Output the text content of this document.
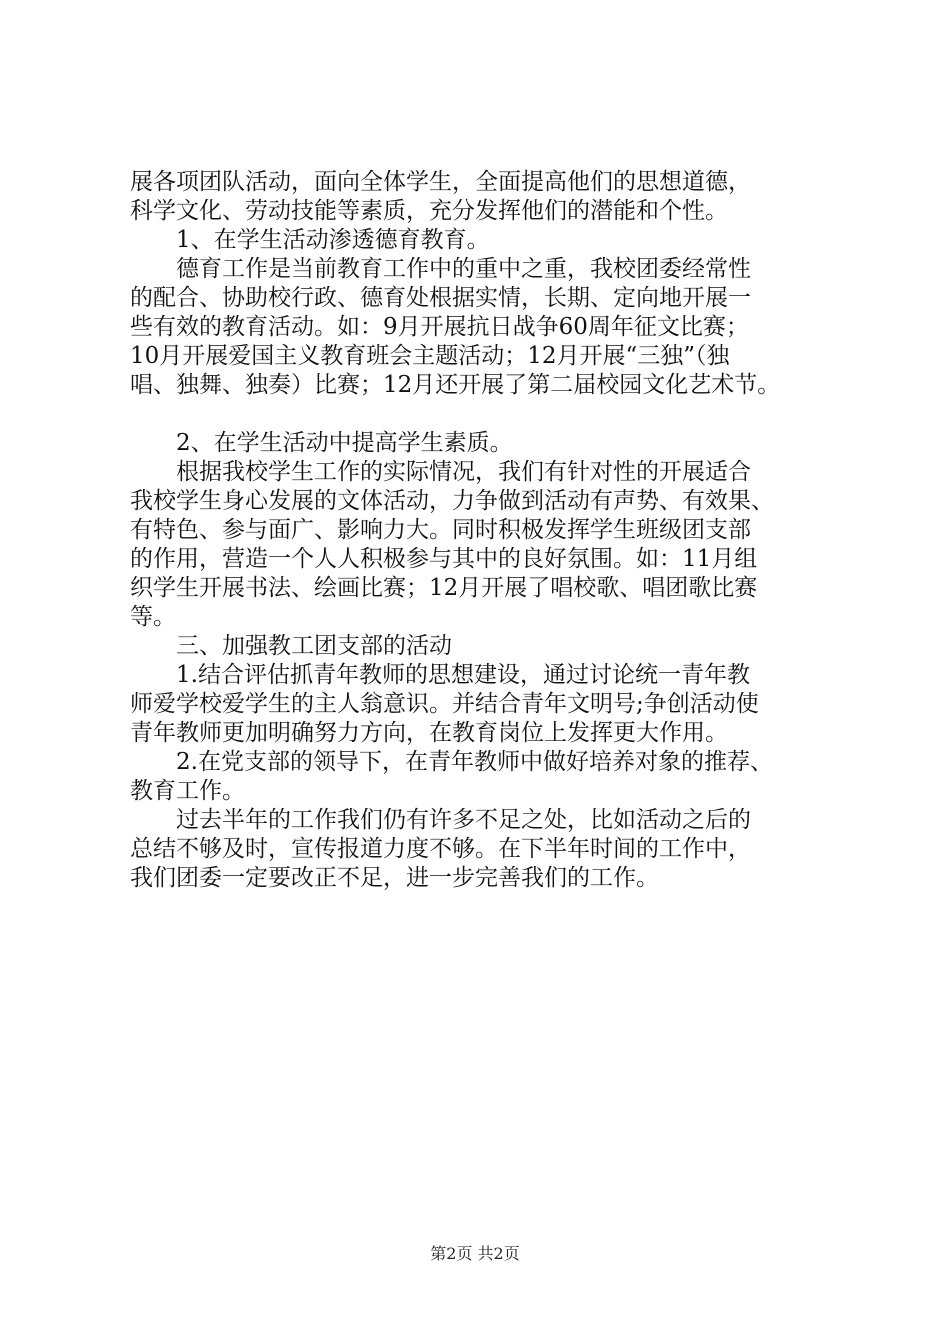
展各项团队活动，面向全体学生，全面提高他们的思想道德，
科学文化、劳动技能等素质，充分发挥他们的潜能和个性。
　　1、在学生活动渗透德育教育。
　　德育工作是当前教育工作中的重中之重，我校团委经常性
的配合、协助校行政、德育处根据实情，长期、定向地开展一
些有效的教育活动。如：9月开展抗日战争60周年征文比赛；
10月开展爱国主义教育班会主题活动；12月开展“三独”（独
唱、独舞、独奏）比赛；12月还开展了第二届校园文化艺术节。
　　2、在学生活动中提高学生素质。
　　根据我校学生工作的实际情况，我们有针对性的开展适合
我校学生身心发展的文体活动，力争做到活动有声势、有效果、
有特色、参与面广、影响力大。同时积极发挥学生班级团支部
的作用，营造一个人人积极参与其中的良好氛围。如：11月组
织学生开展书法、绘画比赛；12月开展了唱校歌、唱团歌比赛
等。
　　三、加强教工团支部的活动
　　1.结合评估抓青年教师的思想建设，通过讨论统一青年教
师爱学校爱学生的主人翁意识。并结合青年文明号;争创活动使
青年教师更加明确努力方向，在教育岗位上发挥更大作用。
　　2.在党支部的领导下，在青年教师中做好培养对象的推荐、
教育工作。
　　过去半年的工作我们仍有许多不足之处，比如活动之后的
总结不够及时，宣传报道力度不够。在下半年时间的工作中，
我们团委一定要改正不足，进一步完善我们的工作。
第2页 共2页
